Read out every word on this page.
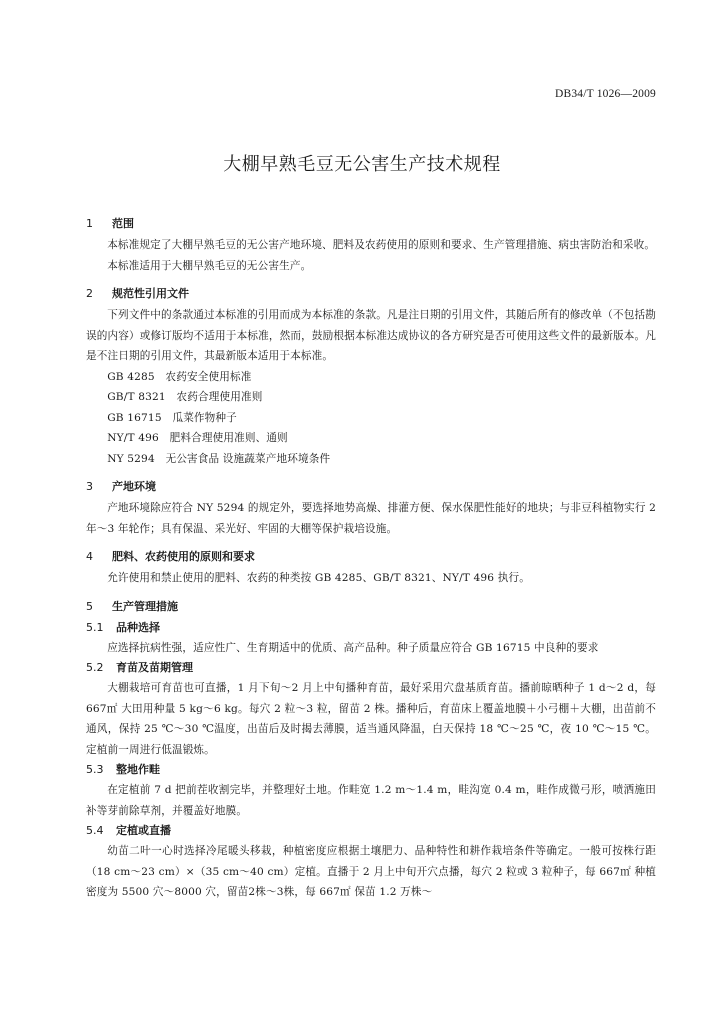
DB34/T 1026—2009
大棚早熟毛豆无公害生产技术规程
1 范围

本标准规定了大棚早熟毛豆的无公害产地环境、肥料及农药使用的原则和要求、生产管理措施、病虫害防治和采收。

本标准适用于大棚早熟毛豆的无公害生产。

2 规范性引用文件

下列文件中的条款通过本标准的引用而成为本标准的条款。凡是注日期的引用文件，其随后所有的修改单（不包括勘误的内容）或修订版均不适用于本标准，然而，鼓励根据本标准达成协议的各方研究是否可使用这些文件的最新版本。凡是不注日期的引用文件，其最新版本适用于本标准。

GB 4285　农药安全使用标准
GB/T 8321　农药合理使用准则
GB 16715　瓜菜作物种子
NY/T 496　肥料合理使用准则、通则
NY 5294　无公害食品 设施蔬菜产地环境条件
3 产地环境

产地环境除应符合 NY 5294 的规定外，要选择地势高燥、排灌方便、保水保肥性能好的地块；与非豆科植物实行 2 年～3 年轮作；具有保温、采光好、牢固的大棚等保护栽培设施。

4 肥料、农药使用的原则和要求

允许使用和禁止使用的肥料、农药的种类按 GB 4285、GB/T 8321、NY/T 496 执行。

5 生产管理措施
5.1 品种选择

应选择抗病性强，适应性广、生育期适中的优质、高产品种。种子质量应符合 GB 16715 中良种的要求

5.2 育苗及苗期管理

大棚栽培可育苗也可直播，1 月下旬～2 月上中旬播种育苗，最好采用穴盘基质育苗。播前晾晒种子 1 d～2 d，每 667㎡ 大田用种量 5 kg～6 kg。每穴 2 粒～3 粒，留苗 2 株。播种后，育苗床上覆盖地膜＋小弓棚＋大棚，出苗前不通风，保持 25 ℃～30 ℃温度，出苗后及时揭去薄膜，适当通风降温，白天保持 18 ℃～25 ℃，夜 10 ℃～15 ℃。定植前一周进行低温锻炼。

5.3 整地作畦

在定植前 7 d 把前茬收割完毕，并整理好土地。作畦宽 1.2 m～1.4 m，畦沟宽 0.4 m，畦作成微弓形，喷洒施田补等芽前除草剂，并覆盖好地膜。

5.4 定植或直播

幼苗二叶一心时选择冷尾暖头移栽，种植密度应根据土壤肥力、品种特性和耕作栽培条件等确定。一般可按株行距（18 cm～23 cm）×（35 cm～40 cm）定植。直播于 2 月上中旬开穴点播，每穴 2 粒或 3 粒种子，每 667㎡ 种植密度为 5500 穴～8000 穴，留苗2株～3株，每 667㎡ 保苗 1.2 万株～
